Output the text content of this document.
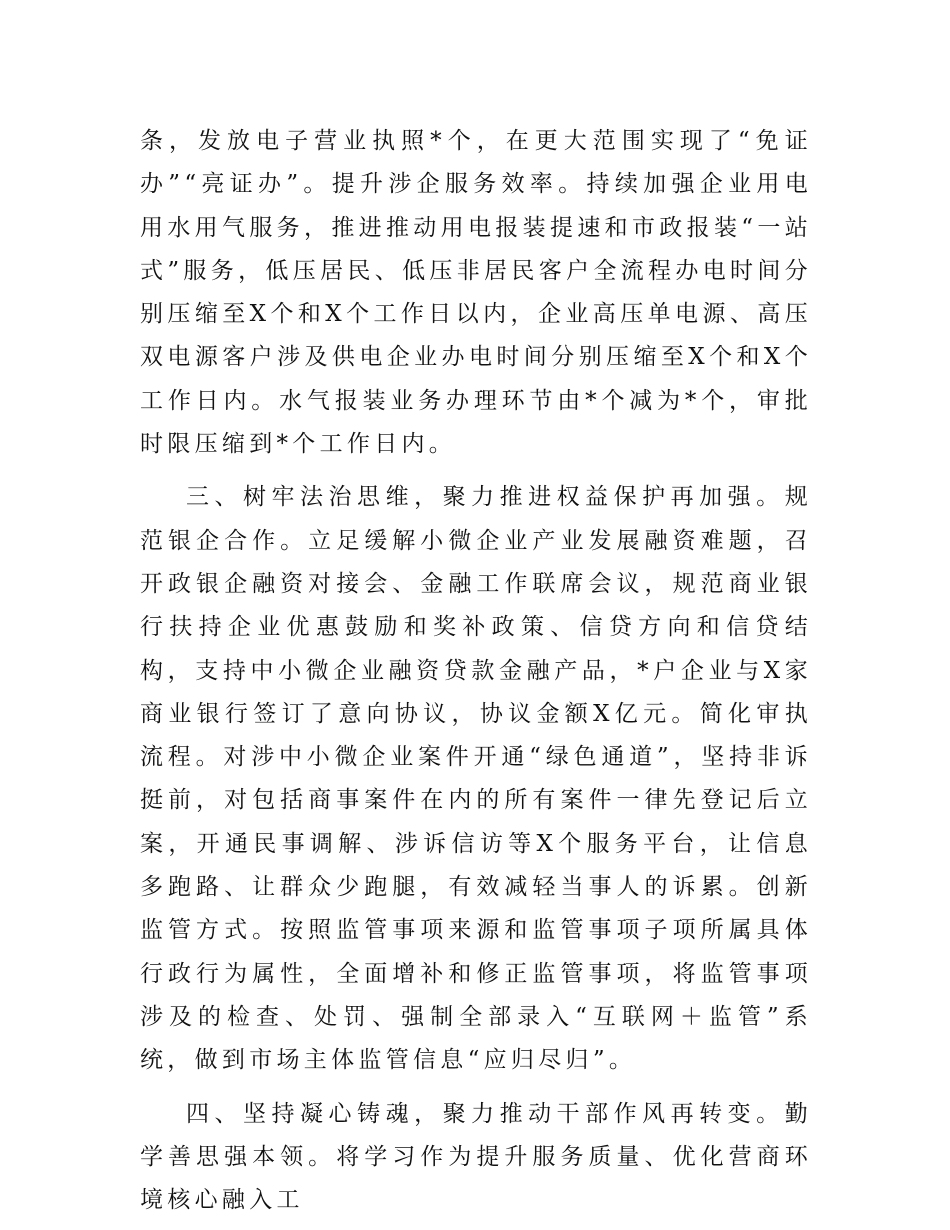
条，发放电子营业执照*个，在更大范围实现了“免证办”“亮证办”。提升涉企服务效率。持续加强企业用电用水用气服务，推进推动用电报装提速和市政报装“一站式”服务，低压居民、低压非居民客户全流程办电时间分别压缩至X个和X个工作日以内，企业高压单电源、高压双电源客户涉及供电企业办电时间分别压缩至X个和X个工作日内。水气报装业务办理环节由*个减为*个，审批时限压缩到*个工作日内。

三、树牢法治思维，聚力推进权益保护再加强。规范银企合作。立足缓解小微企业产业发展融资难题，召开政银企融资对接会、金融工作联席会议，规范商业银行扶持企业优惠鼓励和奖补政策、信贷方向和信贷结构，支持中小微企业融资贷款金融产品，*户企业与X家商业银行签订了意向协议，协议金额X亿元。简化审执流程。对涉中小微企业案件开通“绿色通道”，坚持非诉挺前，对包括商事案件在内的所有案件一律先登记后立案，开通民事调解、涉诉信访等X个服务平台，让信息多跑路、让群众少跑腿，有效减轻当事人的诉累。创新监管方式。按照监管事项来源和监管事项子项所属具体行政行为属性，全面增补和修正监管事项，将监管事项涉及的检查、处罚、强制全部录入“互联网＋监管”系统，做到市场主体监管信息“应归尽归”。

四、坚持凝心铸魂，聚力推动干部作风再转变。勤学善思强本领。将学习作为提升服务质量、优化营商环境核心融入工
